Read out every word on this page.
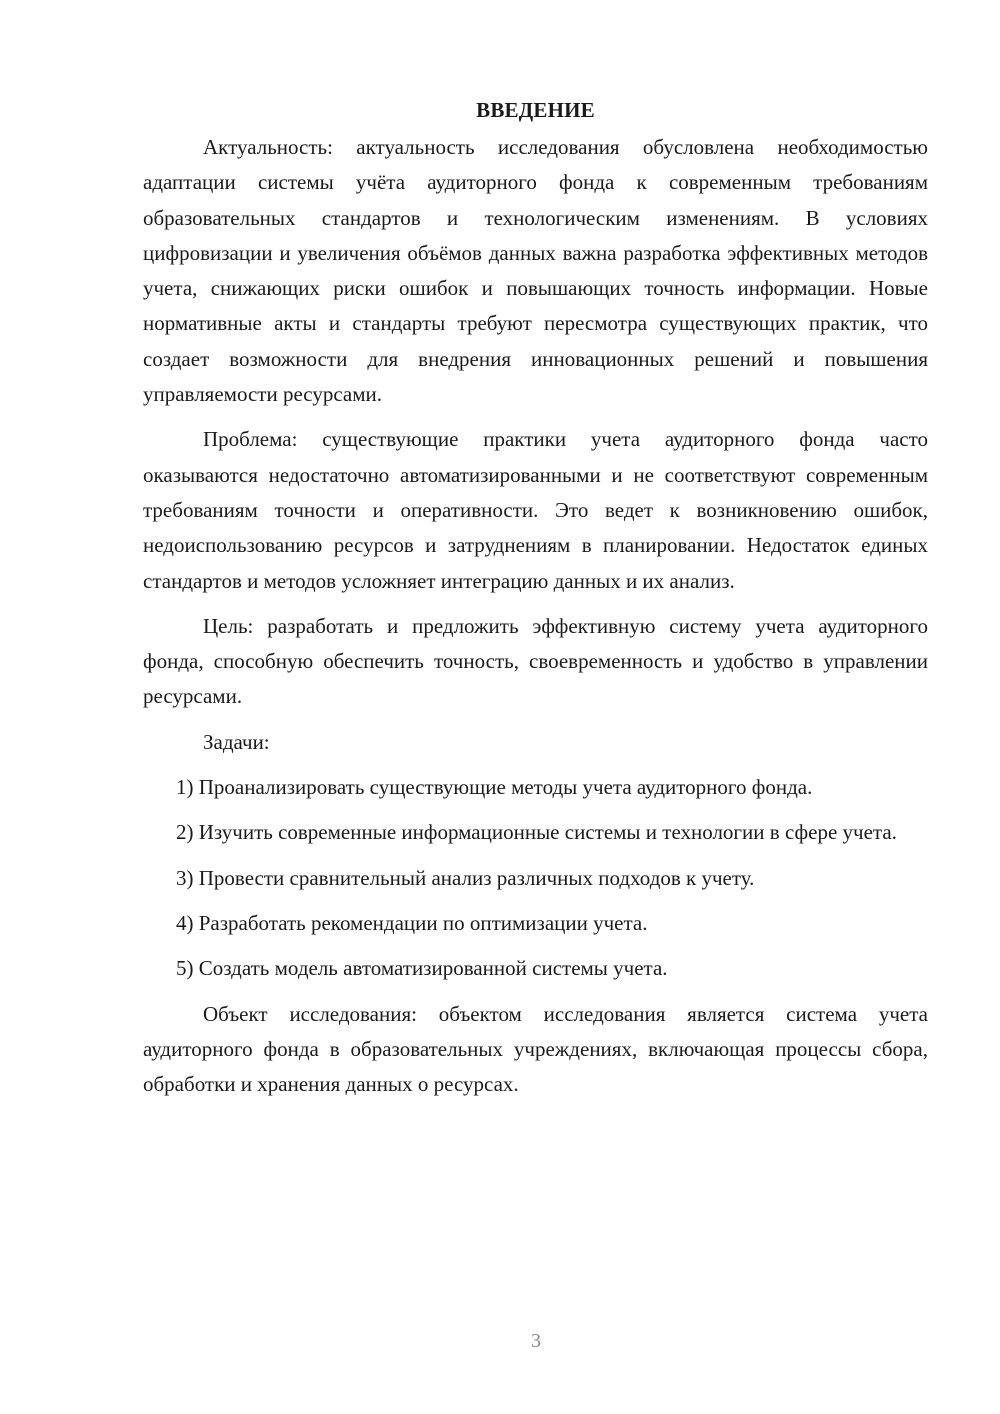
ВВЕДЕНИЕ

Актуальность: актуальность исследования обусловлена необходимостью адаптации системы учёта аудиторного фонда к современным требованиям образовательных стандартов и технологическим изменениям. В условиях цифровизации и увеличения объёмов данных важна разработка эффективных методов учета, снижающих риски ошибок и повышающих точность информации. Новые нормативные акты и стандарты требуют пересмотра существующих практик, что создает возможности для внедрения инновационных решений и повышения управляемости ресурсами.

Проблема: существующие практики учета аудиторного фонда часто оказываются недостаточно автоматизированными и не соответствуют современным требованиям точности и оперативности. Это ведет к возникновению ошибок, недоиспользованию ресурсов и затруднениям в планировании. Недостаток единых стандартов и методов усложняет интеграцию данных и их анализ.

Цель: разработать и предложить эффективную систему учета аудиторного фонда, способную обеспечить точность, своевременность и удобство в управлении ресурсами.

Задачи:

1) Проанализировать существующие методы учета аудиторного фонда.

2) Изучить современные информационные системы и технологии в сфере учета.

3) Провести сравнительный анализ различных подходов к учету.

4) Разработать рекомендации по оптимизации учета.

5) Создать модель автоматизированной системы учета.

Объект исследования: объектом исследования является система учета аудиторного фонда в образовательных учреждениях, включающая процессы сбора, обработки и хранения данных о ресурсах.

3
